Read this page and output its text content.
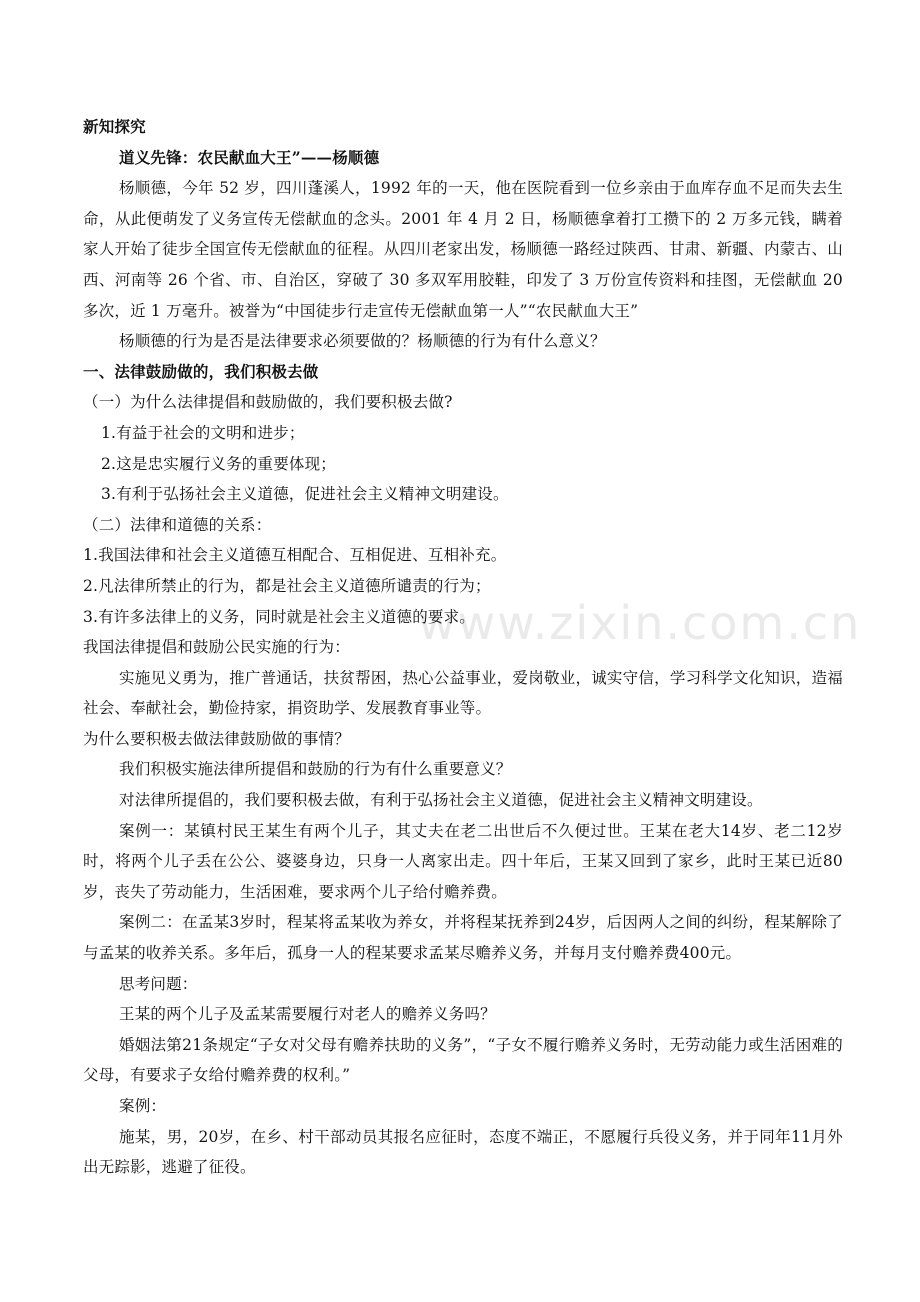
www.zixin.com.cn

新知探究

道义先锋：农民献血大王”——杨顺德

杨顺德，今年 52 岁，四川蓬溪人，1992 年的一天，他在医院看到一位乡亲由于血库存血不足而失去生命，从此便萌发了义务宣传无偿献血的念头。2001 年 4 月 2 日，杨顺德拿着打工攒下的 2 万多元钱，瞒着家人开始了徒步全国宣传无偿献血的征程。从四川老家出发，杨顺德一路经过陕西、甘肃、新疆、内蒙古、山西、河南等 26 个省、市、自治区，穿破了 30 多双军用胶鞋，印发了 3 万份宣传资料和挂图，无偿献血 20 多次，近 1 万毫升。被誉为“中国徒步行走宣传无偿献血第一人”“农民献血大王”

杨顺德的行为是否是法律要求必须要做的？杨顺德的行为有什么意义？

一、法律鼓励做的，我们积极去做

（一）为什么法律提倡和鼓励做的，我们要积极去做?

1.有益于社会的文明和进步；

2.这是忠实履行义务的重要体现；

3.有利于弘扬社会主义道德，促进社会主义精神文明建设。

（二）法律和道德的关系：

1.我国法律和社会主义道德互相配合、互相促进、互相补充。

2.凡法律所禁止的行为，都是社会主义道德所谴责的行为；

3.有许多法律上的义务，同时就是社会主义道德的要求。

我国法律提倡和鼓励公民实施的行为：

实施见义勇为，推广普通话，扶贫帮困，热心公益事业，爱岗敬业，诚实守信，学习科学文化知识，造福社会、奉献社会，勤俭持家，捐资助学、发展教育事业等。

为什么要积极去做法律鼓励做的事情？

我们积极实施法律所提倡和鼓励的行为有什么重要意义？

对法律所提倡的，我们要积极去做，有利于弘扬社会主义道德，促进社会主义精神文明建设。

案例一：某镇村民王某生有两个儿子，其丈夫在老二出世后不久便过世。王某在老大14岁、老二12岁时，将两个儿子丢在公公、婆婆身边，只身一人离家出走。四十年后，王某又回到了家乡，此时王某已近80岁，丧失了劳动能力，生活困难，要求两个儿子给付赡养费。

案例二：在孟某3岁时，程某将孟某收为养女，并将程某抚养到24岁，后因两人之间的纠纷，程某解除了与孟某的收养关系。多年后，孤身一人的程某要求孟某尽赡养义务，并每月支付赡养费400元。

思考问题：

王某的两个儿子及孟某需要履行对老人的赡养义务吗？

婚姻法第21条规定“子女对父母有赡养扶助的义务”，“子女不履行赡养义务时，无劳动能力或生活困难的父母，有要求子女给付赡养费的权利。”

案例：

施某，男，20岁，在乡、村干部动员其报名应征时，态度不端正，不愿履行兵役义务，并于同年11月外出无踪影，逃避了征役。
